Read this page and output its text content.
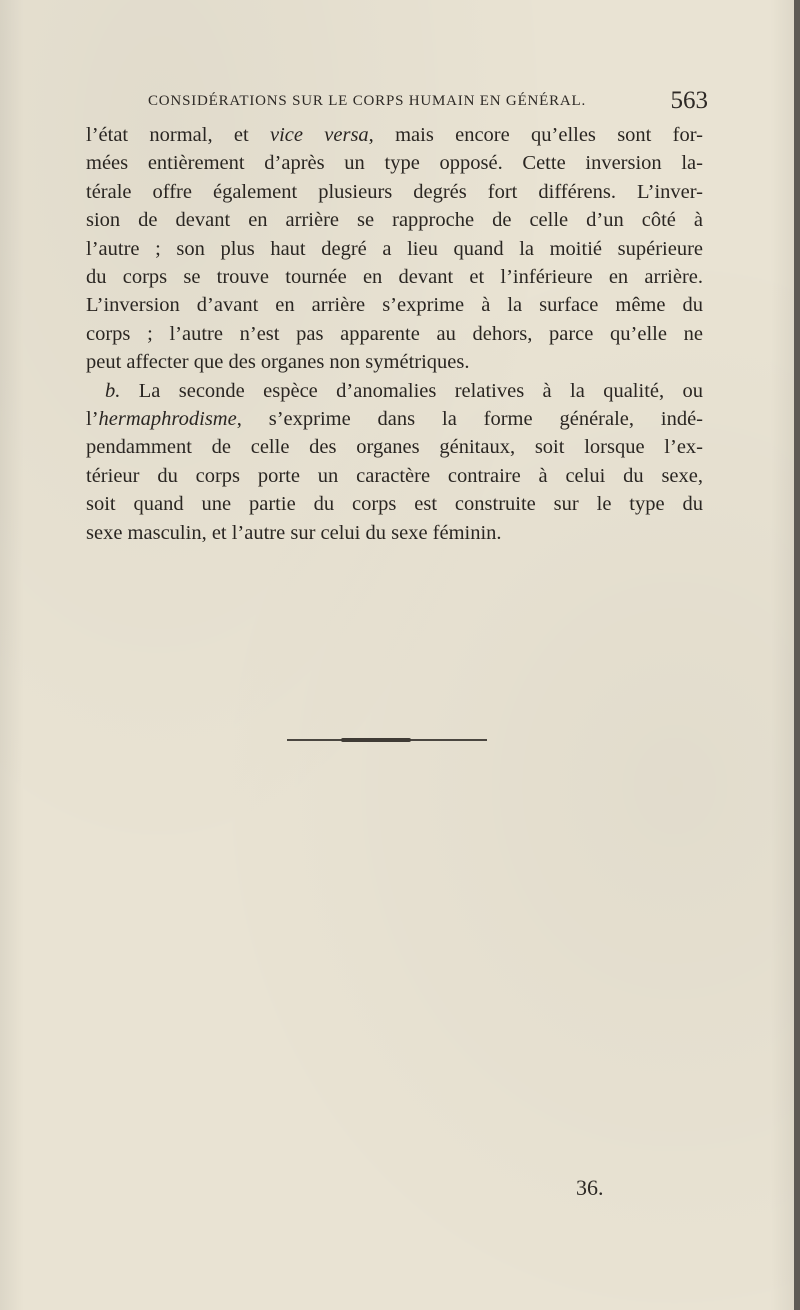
CONSIDÉRATIONS SUR LE CORPS HUMAIN EN GÉNÉRAL.	563
l’état normal, et vice versa, mais encore qu’elles sont for-
mées entièrement d’après un type opposé. Cette inversion la-
térale offre également plusieurs degrés fort différens. L’inver-
sion de devant en arrière se rapproche de celle d’un côté à
l’autre ; son plus haut degré a lieu quand la moitié supérieure
du corps se trouve tournée en devant et l’inférieure en arrière.
L’inversion d’avant en arrière s’exprime à la surface même du
corps ; l’autre n’est pas apparente au dehors, parce qu’elle ne
peut affecter que des organes non symétriques.
b. La seconde espèce d’anomalies relatives à la qualité, ou
l’hermaphrodisme, s’exprime dans la forme générale, indé-
pendamment de celle des organes génitaux, soit lorsque l’ex-
térieur du corps porte un caractère contraire à celui du sexe,
soit quand une partie du corps est construite sur le type du
sexe masculin, et l’autre sur celui du sexe féminin.
36.
